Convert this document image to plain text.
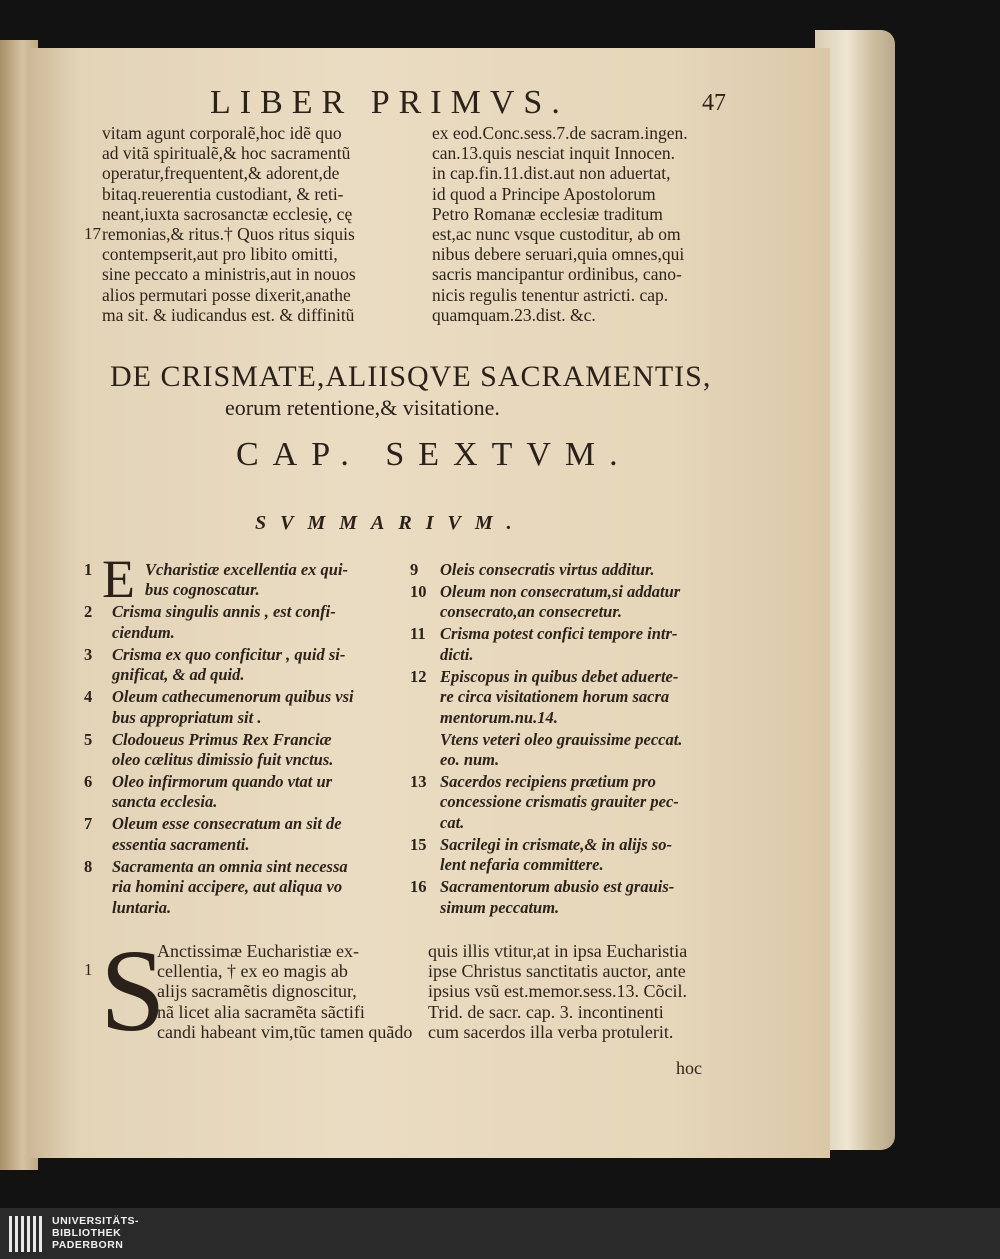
LIBER PRIMVS.	47
vitam agunt corporalẽ,hoc idẽ quo
ad vitã spiritualẽ,& hoc sacramentũ
operatur,frequentent,& adorent,de
bitaq.reuerentia custodiant, & reti-
neant,iuxta sacrosanctæ ecclesię, cę
remonias,& ritus.† Quos ritus siquis
contempserit,aut pro libito omitti,
sine peccato a ministris,aut in nouos
alios permutari posse dixerit,anathe
ma sit. & iudicandus est. & diffinitũ
17
ex eod.Conc.sess.7.de sacram.ingen.
can.13.quis nesciat inquit Innocen.
in cap.fin.11.dist.aut non aduertat,
id quod a Principe Apostolorum
Petro Romanæ ecclesiæ traditum
est,ac nunc vsque custoditur, ab om
nibus debere seruari,quia omnes,qui
sacris mancipantur ordinibus, cano-
nicis regulis tenentur astricti. cap.
quamquam.23.dist. &c.
DE CRISMATE,ALIISQVE SACRAMENTIS,
eorum retentione,& visitatione.
CAP. SEXTVM.
SVMMARIVM.
E
1	Vcharistiæ excellentia ex qui-
bus cognoscatur.
2 Crisma singulis annis , est confi-
ciendum.
3 Crisma ex quo conficitur , quid si-
gnificat, & ad quid.
4 Oleum cathecumenorum quibus vsi
bus appropriatum sit .
5 Clodoueus Primus Rex Franciæ
oleo cælitus dimissio fuit vnctus.
6 Oleo infirmorum quando vtat ur
sancta ecclesia.
7 Oleum esse consecratum an sit de
essentia sacramenti.
8 Sacramenta an omnia sint necessa
ria homini accipere, aut aliqua vo
luntaria.
9 Oleis consecratis virtus additur.
10 Oleum non consecratum,si addatur
consecrato,an consecretur.
11 Crisma potest confici tempore intr-
dicti.
12 Episcopus in quibus debet aduerte-
re circa visitationem horum sacra
mentorum.nu.14.
Vtens veteri oleo grauissime peccat.
eo. num.
13 Sacerdos recipiens prætium pro
concessione crismatis grauiter pec-
cat.
15 Sacrilegi in crismate,& in alijs so-
lent nefaria committere.
16 Sacramentorum abusio est grauis-
simum peccatum.
S
1
Anctissimæ Eucharistiæ ex-
cellentia, † ex eo magis ab
alijs sacramẽtis dignoscitur,
nã licet alia sacramẽta sãctifi
candi habeant vim,tũc tamen quãdo
quis illis vtitur,at in ipsa Eucharistia
ipse Christus sanctitatis auctor, ante
ipsius vsũ est.memor.sess.13. Cõcil.
Trid. de sacr. cap. 3. incontinenti
cum sacerdos illa verba protulerit.
hoc
UNIVERSITÄTS-
BIBLIOTHEK
PADERBORN
